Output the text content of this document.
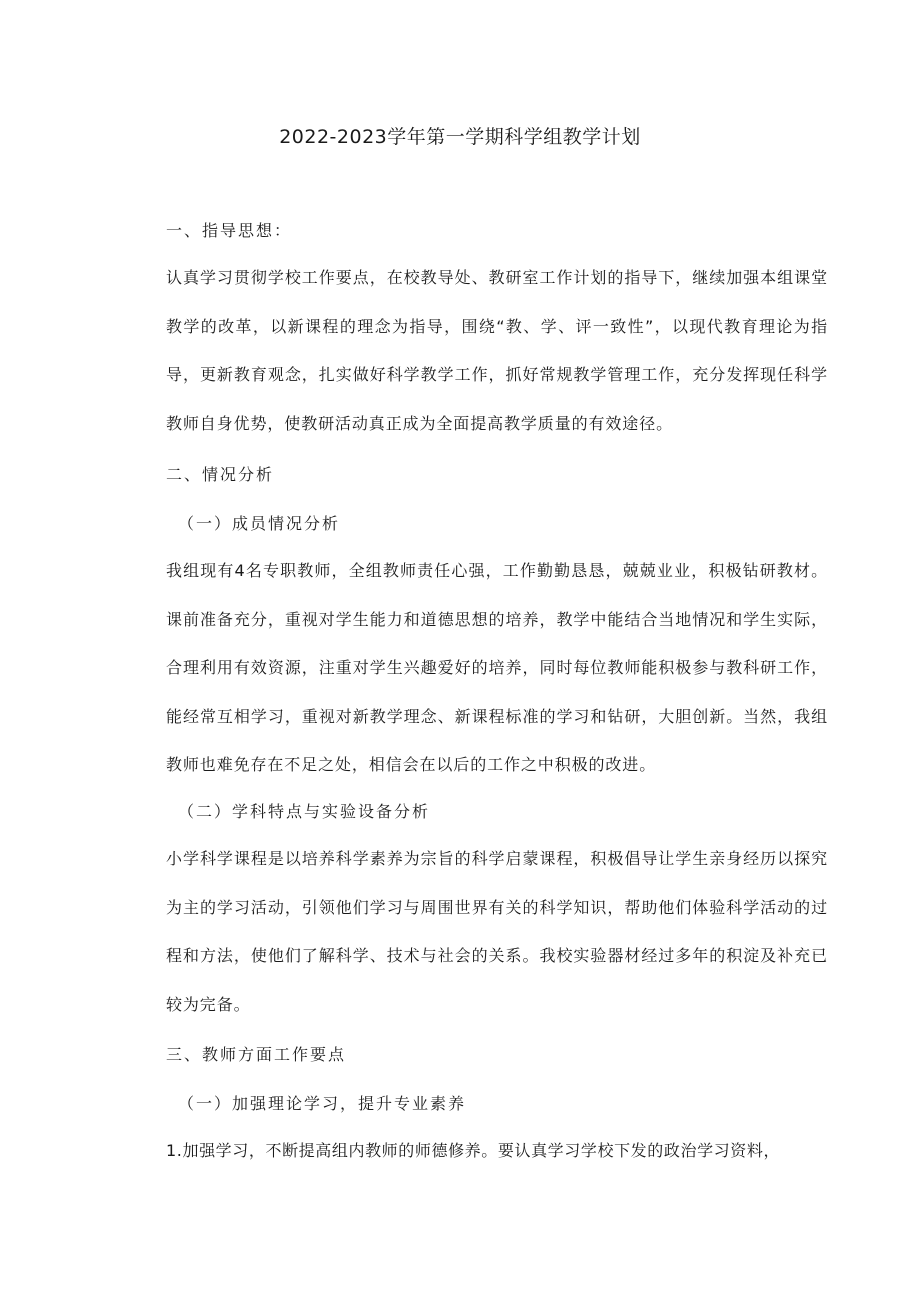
2022-2023学年第一学期科学组教学计划
一、指导思想：
认真学习贯彻学校工作要点，在校教导处、教研室工作计划的指导下，继续加强本组课堂教学的改革，以新课程的理念为指导，围绕“教、学、评一致性”，以现代教育理论为指导，更新教育观念，扎实做好科学教学工作，抓好常规教学管理工作，充分发挥现任科学教师自身优势，使教研活动真正成为全面提高教学质量的有效途径。
二、情况分析
（一）成员情况分析
我组现有4名专职教师，全组教师责任心强，工作勤勤恳恳，兢兢业业，积极钻研教材。课前准备充分，重视对学生能力和道德思想的培养，教学中能结合当地情况和学生实际，合理利用有效资源，注重对学生兴趣爱好的培养，同时每位教师能积极参与教科研工作，能经常互相学习，重视对新教学理念、新课程标准的学习和钻研，大胆创新。当然，我组教师也难免存在不足之处，相信会在以后的工作之中积极的改进。
（二）学科特点与实验设备分析
小学科学课程是以培养科学素养为宗旨的科学启蒙课程，积极倡导让学生亲身经历以探究为主的学习活动，引领他们学习与周围世界有关的科学知识，帮助他们体验科学活动的过程和方法，使他们了解科学、技术与社会的关系。我校实验器材经过多年的积淀及补充已较为完备。
三、教师方面工作要点
（一）加强理论学习，提升专业素养
1.加强学习，不断提高组内教师的师德修养。要认真学习学校下发的政治学习资料，
